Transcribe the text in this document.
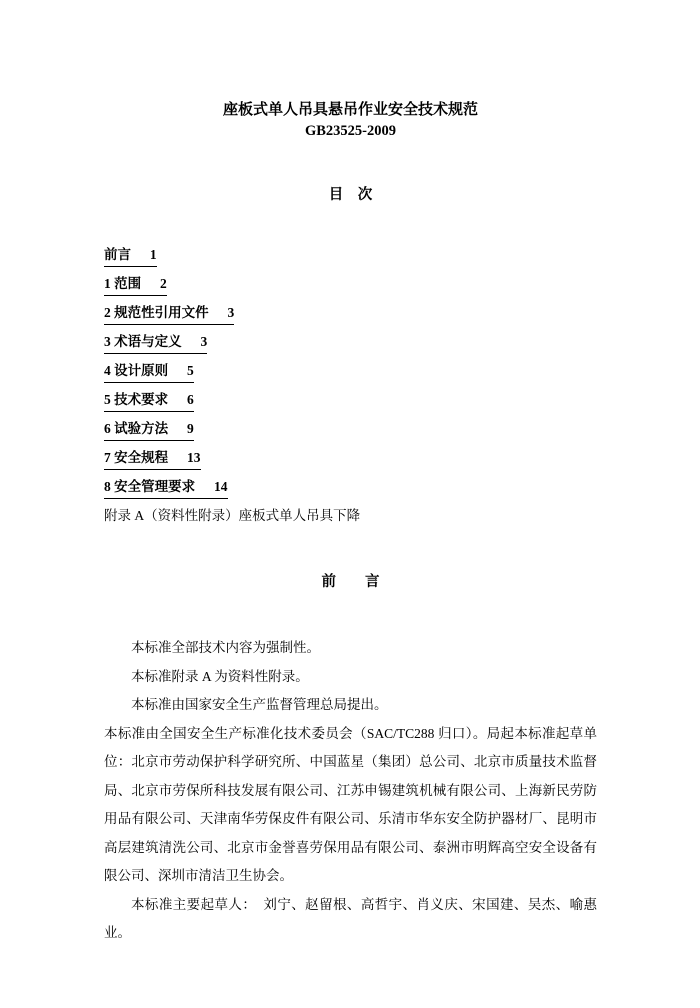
座板式单人吊具悬吊作业安全技术规范
GB23525-2009
目　次
前言 1
1 范围 2
2 规范性引用文件 3
3 术语与定义 3
4 设计原则 5
5 技术要求 6
6 试验方法 9
7 安全规程 13
8 安全管理要求 14
附录 A（资料性附录）座板式单人吊具下降
前　　言

本标准全部技术内容为强制性。

本标准附录 A 为资料性附录。

本标准由国家安全生产监督管理总局提出。

本标准由全国安全生产标准化技术委员会（SAC/TC288 归口）。局起本标准起草单位：北京市劳动保护科学研究所、中国蓝星（集团）总公司、北京市质量技术监督局、北京市劳保所科技发展有限公司、江苏申锡建筑机械有限公司、上海新民劳防用品有限公司、天津南华劳保皮件有限公司、乐清市华东安全防护器材厂、昆明市高层建筑清洗公司、北京市金誉喜劳保用品有限公司、泰洲市明辉高空安全设备有限公司、深圳市清洁卫生协会。

本标准主要起草人：　刘宁、赵留根、高哲宇、肖义庆、宋国建、吴杰、喻惠业。
